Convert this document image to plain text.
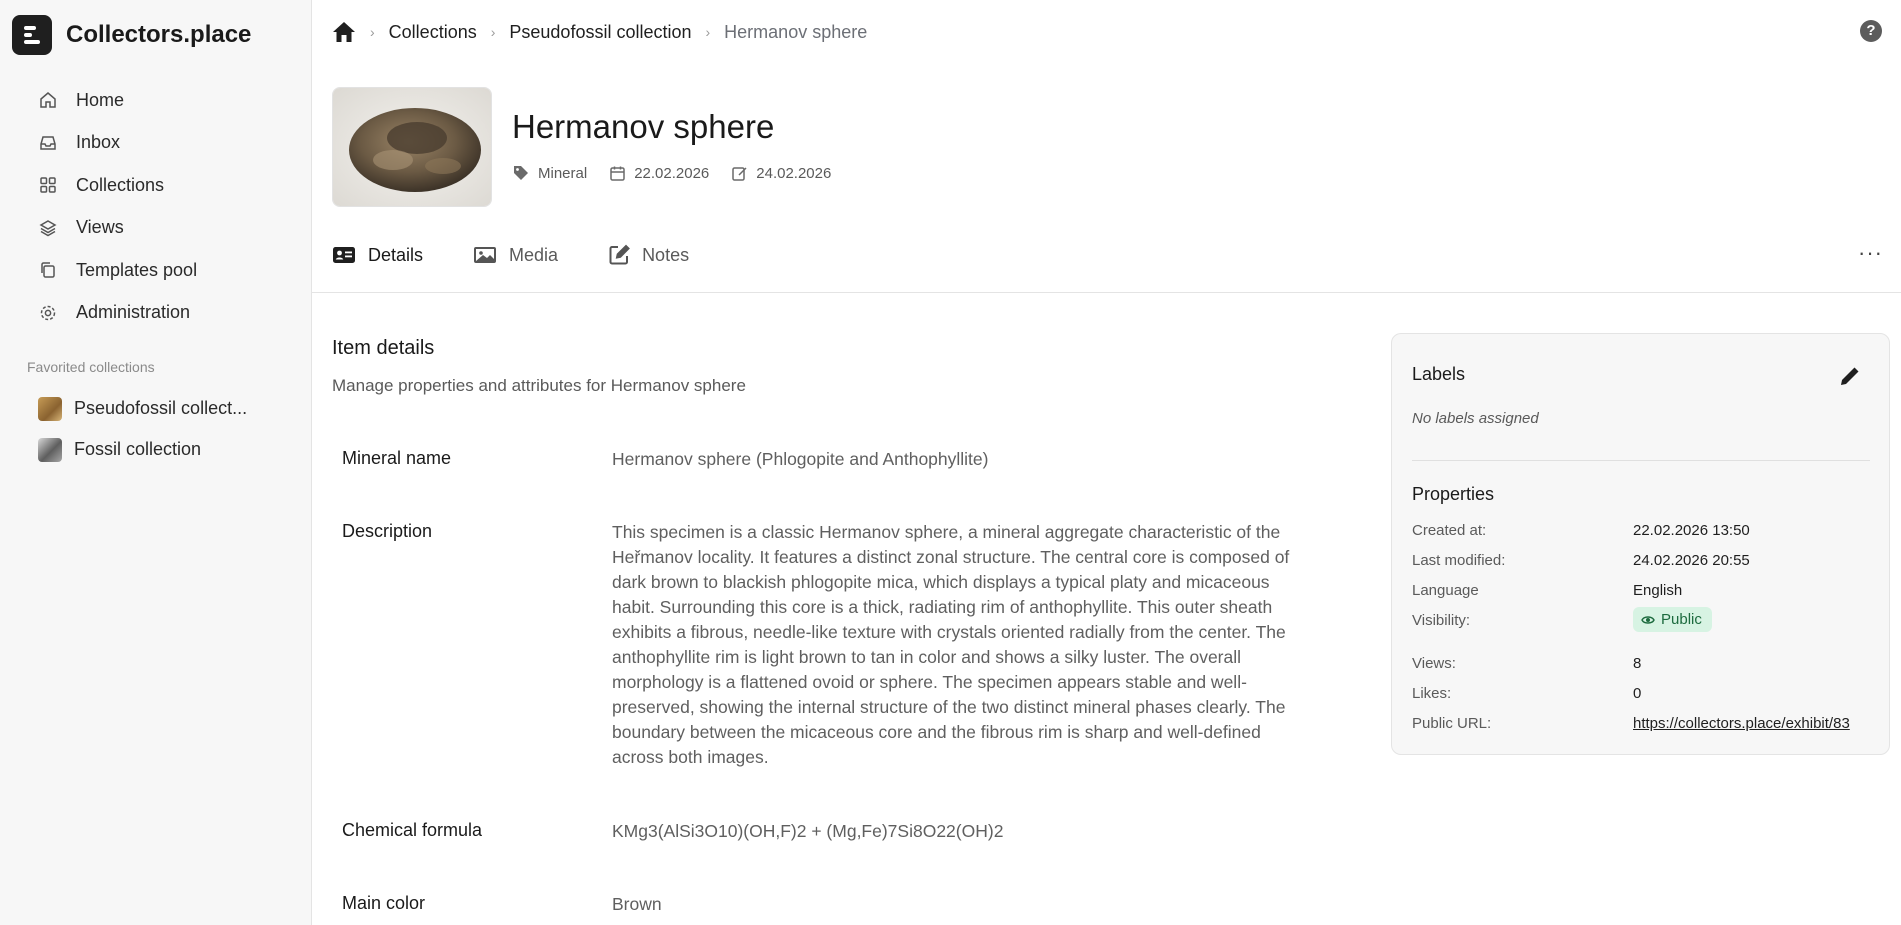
Collectors.place
Home
Inbox
Collections
Views
Templates pool
Administration
Favorited collections
Pseudofossil collect...
Fossil collection
› Collections › Pseudofossil collection › Hermanov sphere	?
Hermanov sphere
Mineral	22.02.2026	24.02.2026
Details	Media	Notes	···
Item details

Manage properties and attributes for Hermanov sphere

Mineral name	Hermanov sphere (Phlogopite and Anthophyllite)
Description	This specimen is a classic Hermanov sphere, a mineral aggregate characteristic of the Heřmanov locality. It features a distinct zonal structure. The central core is composed of dark brown to blackish phlogopite mica, which displays a typical platy and micaceous habit. Surrounding this core is a thick, radiating rim of anthophyllite. This outer sheath exhibits a fibrous, needle-like texture with crystals oriented radially from the center. The anthophyllite rim is light brown to tan in color and shows a silky luster. The overall morphology is a flattened ovoid or sphere. The specimen appears stable and well-preserved, showing the internal structure of the two distinct mineral phases clearly. The boundary between the micaceous core and the fibrous rim is sharp and well-defined across both images.
Chemical formula	KMg3(AlSi3O10)(OH,F)2 + (Mg,Fe)7Si8O22(OH)2
Main color	Brown
Labels
No labels assigned
Properties
Created at:	22.02.2026 13:50
Last modified:	24.02.2026 20:55
Language	English
Visibility:	Public
Views:	8
Likes:	0
Public URL:	https://collectors.place/exhibit/83
